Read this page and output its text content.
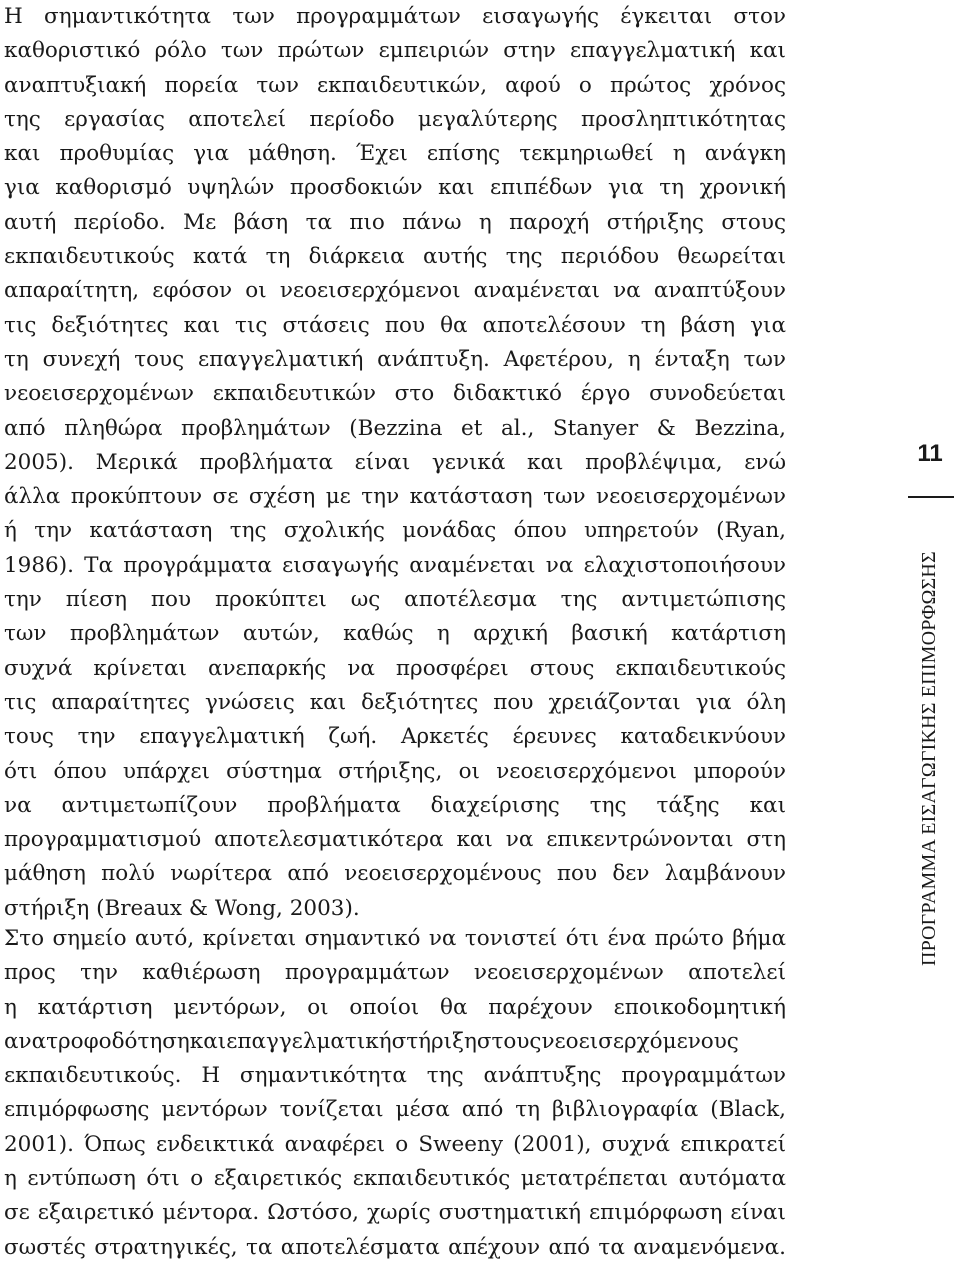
Η σημαντικότητα των προγραμμάτων εισαγωγής έγκειται στον
καθοριστικό ρόλο των πρώτων εμπειριών στην επαγγελματική και
αναπτυξιακή πορεία των εκπαιδευτικών, αφού ο πρώτος χρόνος
της εργασίας αποτελεί περίοδο μεγαλύτερης προσληπτικότητας
και προθυμίας για μάθηση. Έχει επίσης τεκμηριωθεί η ανάγκη
για καθορισμό υψηλών προσδοκιών και επιπέδων για τη χρονική
αυτή περίοδο. Με βάση τα πιο πάνω η παροχή στήριξης στους
εκπαιδευτικούς κατά τη διάρκεια αυτής της περιόδου θεωρείται
απαραίτητη, εφόσον οι νεοεισερχόμενοι αναμένεται να αναπτύξουν
τις δεξιότητες και τις στάσεις που θα αποτελέσουν τη βάση για
τη συνεχή τους επαγγελματική ανάπτυξη. Αφετέρου, η ένταξη των
νεοεισερχομένων εκπαιδευτικών στο διδακτικό έργο συνοδεύεται
από πληθώρα προβλημάτων (Bezzina et al., Stanyer & Bezzina,
2005). Μερικά προβλήματα είναι γενικά και προβλέψιμα, ενώ
άλλα προκύπτουν σε σχέση με την κατάσταση των νεοεισερχομένων
ή την κατάσταση της σχολικής μονάδας όπου υπηρετούν (Ryan,
1986). Τα προγράμματα εισαγωγής αναμένεται να ελαχιστοποιήσουν
την πίεση που προκύπτει ως αποτέλεσμα της αντιμετώπισης
των προβλημάτων αυτών, καθώς η αρχική βασική κατάρτιση
συχνά κρίνεται ανεπαρκής να προσφέρει στους εκπαιδευτικούς
τις απαραίτητες γνώσεις και δεξιότητες που χρειάζονται για όλη
τους την επαγγελματική ζωή. Αρκετές έρευνες καταδεικνύουν
ότι όπου υπάρχει σύστημα στήριξης, οι νεοεισερχόμενοι μπορούν
να αντιμετωπίζουν προβλήματα διαχείρισης της τάξης και
προγραμματισμού αποτελεσματικότερα και να επικεντρώνονται στη
μάθηση πολύ νωρίτερα από νεοεισερχομένους που δεν λαμβάνουν
στήριξη (Breaux & Wong, 2003).
Στο σημείο αυτό, κρίνεται σημαντικό να τονιστεί ότι ένα πρώτο βήμα
προς την καθιέρωση προγραμμάτων νεοεισερχομένων αποτελεί
η κατάρτιση μεντόρων, οι οποίοι θα παρέχουν εποικοδομητική
ανατροφοδότησηκαιεπαγγελματικήστήριξηστουςνεοεισερχόμενους
εκπαιδευτικούς. Η σημαντικότητα της ανάπτυξης προγραμμάτων
επιμόρφωσης μεντόρων τονίζεται μέσα από τη βιβλιογραφία (Black,
2001). Όπως ενδεικτικά αναφέρει ο Sweeny (2001), συχνά επικρατεί
η εντύπωση ότι ο εξαιρετικός εκπαιδευτικός μετατρέπεται αυτόματα
σε εξαιρετικό μέντορα. Ωστόσο, χωρίς συστηματική επιμόρφωση είναι
σωστές στρατηγικές, τα αποτελέσματα απέχουν από τα αναμενόμενα.
11
ΠΡΟΓΡΑΜΜΑ ΕΙΣΑΓΩΓΙΚΗΣ ΕΠΙΜΟΡΦΩΣΗΣ
